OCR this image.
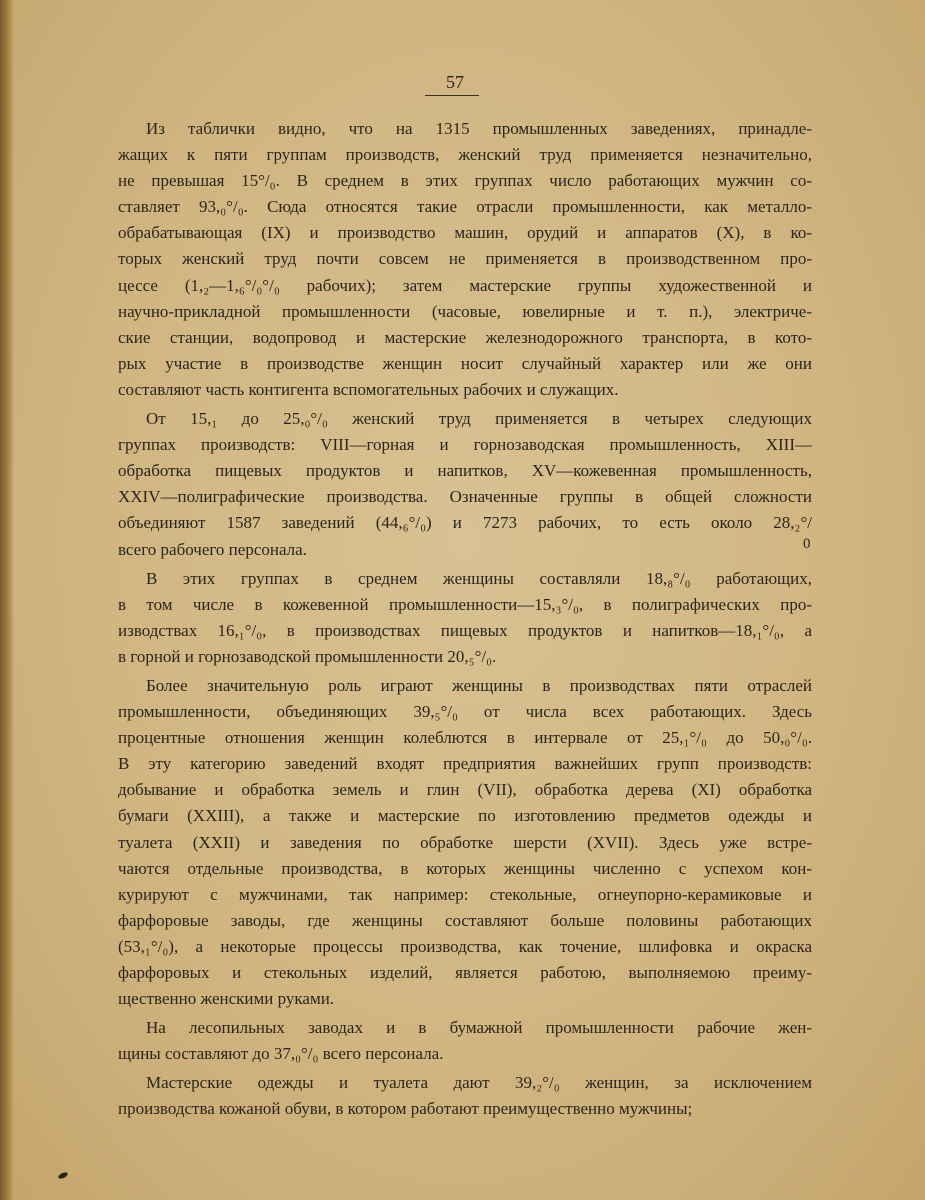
57
Из таблички видно, что на 1315 промышленных заведениях, принадле-
жащих к пяти группам производств, женский труд применяется незначительно,
не превышая 15°/₀. В среднем в этих группах число работающих мужчин со-
ставляет 93,₀°/₀. Сюда относятся такие отрасли промышленности, как металло-
обрабатывающая (IX) и производство машин, орудий и аппаратов (X), в ко-
торых женский труд почти совсем не применяется в производственном про-
цессе (1,₂—1,₆°/₀°/₀ рабочих); затем мастерские группы художественной и
научно-прикладной промышленности (часовые, ювелирные и т. п.), электриче-
ские станции, водопровод и мастерские железнодорожного транспорта, в кото-
рых участие в производстве женщин носит случайный характер или же они
составляют часть контигента вспомогательных рабочих и служащих.
От 15,₁ до 25,₀°/₀ женский труд применяется в четырех следующих
группах производств: VIII—горная и горнозаводская промышленность, XIII—
обработка пищевых продуктов и напитков, XV—кожевенная промышленность,
XXIV—полиграфические производства. Означенные группы в общей сложности
объединяют 1587 заведений (44,₆°/₀) и 7273 рабочих, то есть около 28,₂°/
всего рабочего персонала.
В этих группах в среднем женщины составляли 18,₈°/₀ работающих,
в том числе в кожевенной промышленности—15,₃°/₀, в полиграфических про-
изводствах 16,₁°/₀, в производствах пищевых продуктов и напитков—18,₁°/₀, а
в горной и горнозаводской промышленности 20,₅°/₀.
Более значительную роль играют женщины в производствах пяти отраслей
промышленности, объединяющих 39,₅°/₀ от числа всех работающих. Здесь
процентные отношения женщин колеблются в интервале от 25,₁°/₀ до 50,₀°/₀.
В эту категорию заведений входят предприятия важнейших групп производств:
добывание и обработка земель и глин (VII), обработка дерева (XI) обработка
бумаги (XXIII), а также и мастерские по изготовлению предметов одежды и
туалета (XXII) и заведения по обработке шерсти (XVII). Здесь уже встре-
чаются отдельные производства, в которых женщины численно с успехом кон-
курируют с мужчинами, так например: стекольные, огнеупорно-керамиковые и
фарфоровые заводы, где женщины составляют больше половины работающих
(53,₁°/₀), а некоторые процессы производства, как точение, шлифовка и окраска
фарфоровых и стекольных изделий, является работою, выполняемою преиму-
щественно женскими руками.
На лесопильных заводах и в бумажной промышленности рабочие жен-
щины составляют до 37,₀°/₀ всего персонала.
Мастерские одежды и туалета дают 39,₂°/₀ женщин, за исключением
производства кожаной обуви, в котором работают преимущественно мужчины;
0
